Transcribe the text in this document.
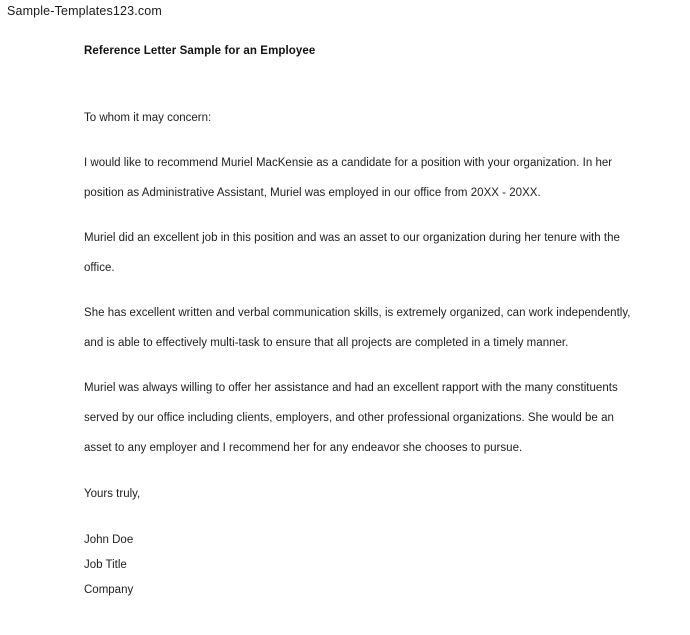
Sample-Templates123.com
Reference Letter Sample for an Employee

To whom it may concern:

I would like to recommend Muriel MacKensie as a candidate for a position with your organization. In her position as Administrative Assistant, Muriel was employed in our office from 20XX - 20XX.

Muriel did an excellent job in this position and was an asset to our organization during her tenure with the office.

She has excellent written and verbal communication skills, is extremely organized, can work independently, and is able to effectively multi-task to ensure that all projects are completed in a timely manner.

Muriel was always willing to offer her assistance and had an excellent rapport with the many constituents served by our office including clients, employers, and other professional organizations. She would be an asset to any employer and I recommend her for any endeavor she chooses to pursue.

Yours truly,

John Doe
Job Title
Company
